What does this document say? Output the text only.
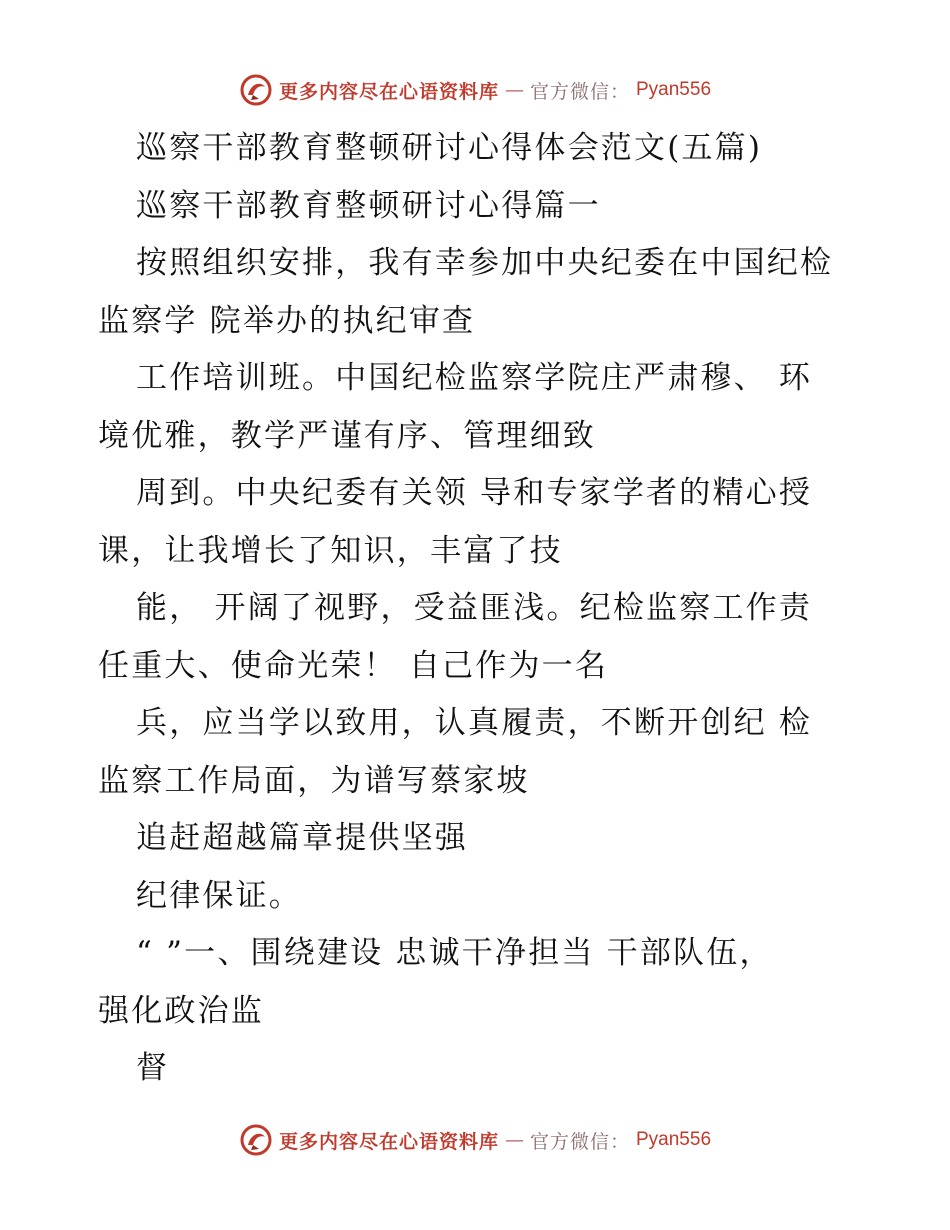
更多内容尽在心语资料库 — 官方微信： Pyan556
巡察干部教育整顿研讨心得体会范文(五篇)
巡察干部教育整顿研讨心得篇一
按照组织安排，我有幸参加中央纪委在中国纪检
监察学 院举办的执纪审查
工作培训班。中国纪检监察学院庄严肃穆、 环
境优雅，教学严谨有序、管理细致
周到。中央纪委有关领 导和专家学者的精心授
课，让我增长了知识，丰富了技
能， 开阔了视野，受益匪浅。纪检监察工作责
任重大、使命光荣！ 自己作为一名
兵，应当学以致用，认真履责，不断开创纪 检
监察工作局面，为谱写蔡家坡
追赶超越篇章提供坚强
纪律保证。
“ ”一、围绕建设 忠诚干净担当 干部队伍，
强化政治监
督
更多内容尽在心语资料库 — 官方微信： Pyan556
